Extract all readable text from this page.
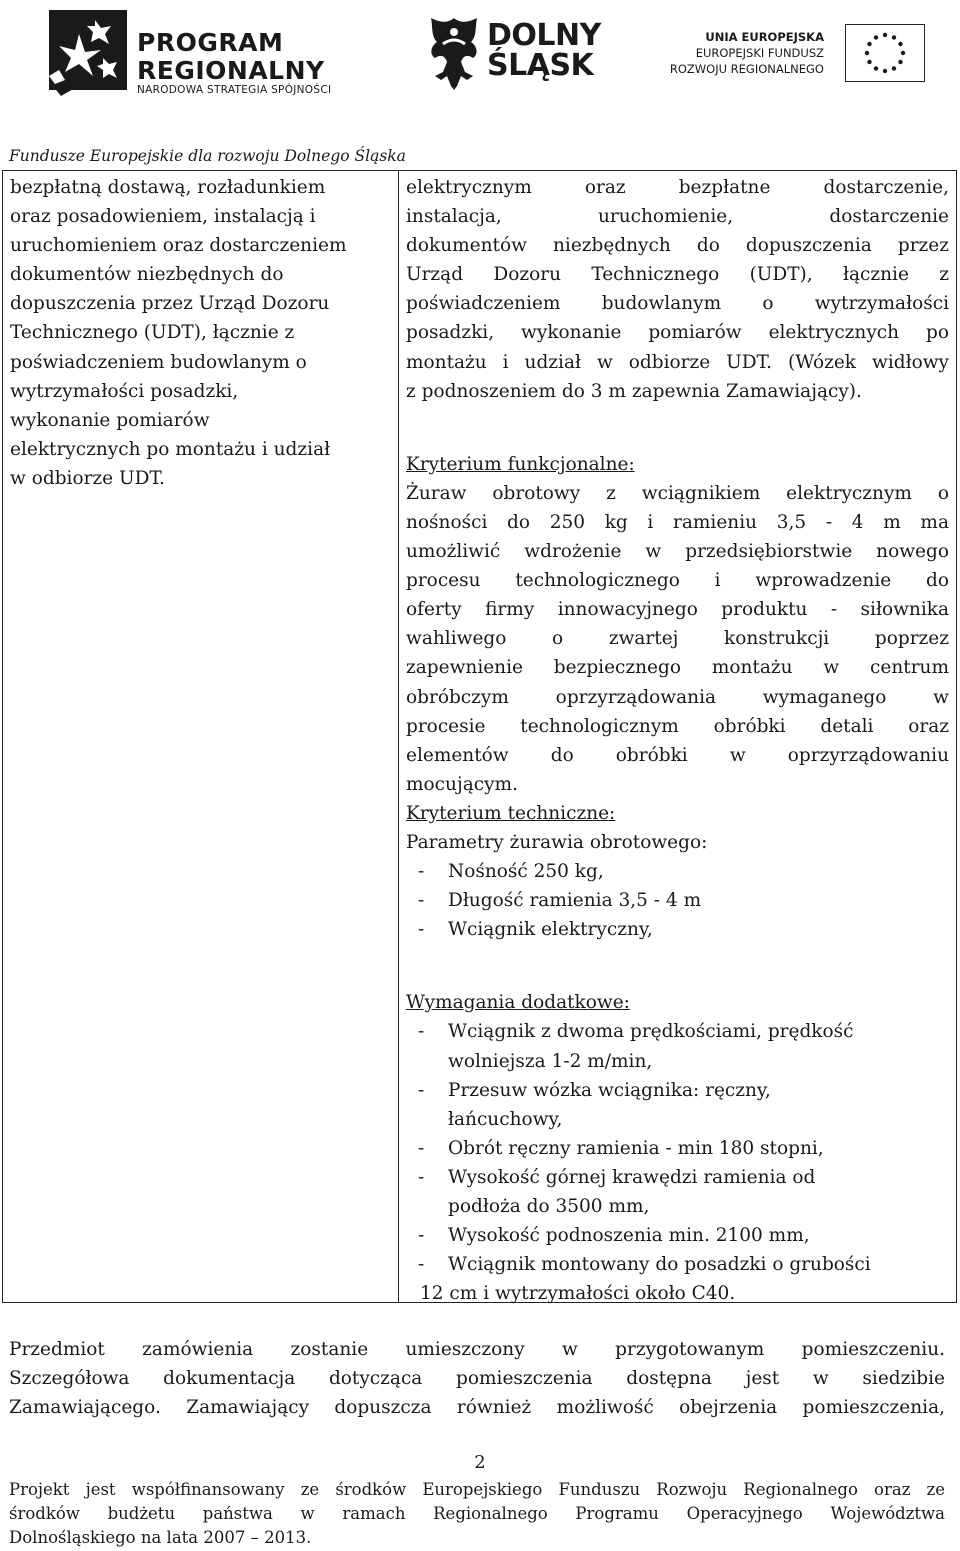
PROGRAM
REGIONALNY
NARODOWA STRATEGIA SPÓJNOŚCI
DOLNY
ŚLĄSK
UNIA EUROPEJSKA
EUROPEJSKI FUNDUSZ
ROZWOJU REGIONALNEGO
Fundusze Europejskie dla rozwoju Dolnego Śląska
bezpłatną dostawą, rozładunkiem
oraz posadowieniem, instalacją i
uruchomieniem oraz dostarczeniem
dokumentów niezbędnych do
dopuszczenia przez Urząd Dozoru
Technicznego (UDT), łącznie z
poświadczeniem budowlanym o
wytrzymałości posadzki,
wykonanie pomiarów
elektrycznych po montażu i udział
w odbiorze UDT.
elektrycznym oraz bezpłatne dostarczenie,
instalacja, uruchomienie, dostarczenie
dokumentów niezbędnych do dopuszczenia przez
Urząd Dozoru Technicznego (UDT), łącznie z
poświadczeniem budowlanym o wytrzymałości
posadzki, wykonanie pomiarów elektrycznych po
montażu i udział w odbiorze UDT. (Wózek widłowy
z podnoszeniem do 3 m zapewnia Zamawiający).
Kryterium funkcjonalne:
Żuraw obrotowy z wciągnikiem elektrycznym o
nośności do 250 kg i ramieniu 3,5 - 4 m ma
umożliwić wdrożenie w przedsiębiorstwie nowego
procesu technologicznego i wprowadzenie do
oferty firmy innowacyjnego produktu - siłownika
wahliwego o zwartej konstrukcji poprzez
zapewnienie bezpiecznego montażu w centrum
obróbczym oprzyrządowania wymaganego w
procesie technologicznym obróbki detali oraz
elementów do obróbki w oprzyrządowaniu
mocującym.
Kryterium techniczne:
Parametry żurawia obrotowego:
- Nośność 250 kg,
- Długość ramienia 3,5 - 4 m
- Wciągnik elektryczny,
Wymagania dodatkowe:
- Wciągnik z dwoma prędkościami, prędkość
wolniejsza 1-2 m/min,
- Przesuw wózka wciągnika: ręczny,
łańcuchowy,
- Obrót ręczny ramienia - min 180 stopni,
- Wysokość górnej krawędzi ramienia od
podłoża do 3500 mm,
- Wysokość podnoszenia min. 2100 mm,
- Wciągnik montowany do posadzki o grubości
12 cm i wytrzymałości około C40.
Przedmiot zamówienia zostanie umieszczony w przygotowanym pomieszczeniu.
Szczegółowa dokumentacja dotycząca pomieszczenia dostępna jest w siedzibie
Zamawiającego. Zamawiający dopuszcza również możliwość obejrzenia pomieszczenia,
2
Projekt jest współfinansowany ze środków Europejskiego Funduszu Rozwoju Regionalnego oraz ze
środków budżetu państwa w ramach Regionalnego Programu Operacyjnego Województwa
Dolnośląskiego na lata 2007 – 2013.
